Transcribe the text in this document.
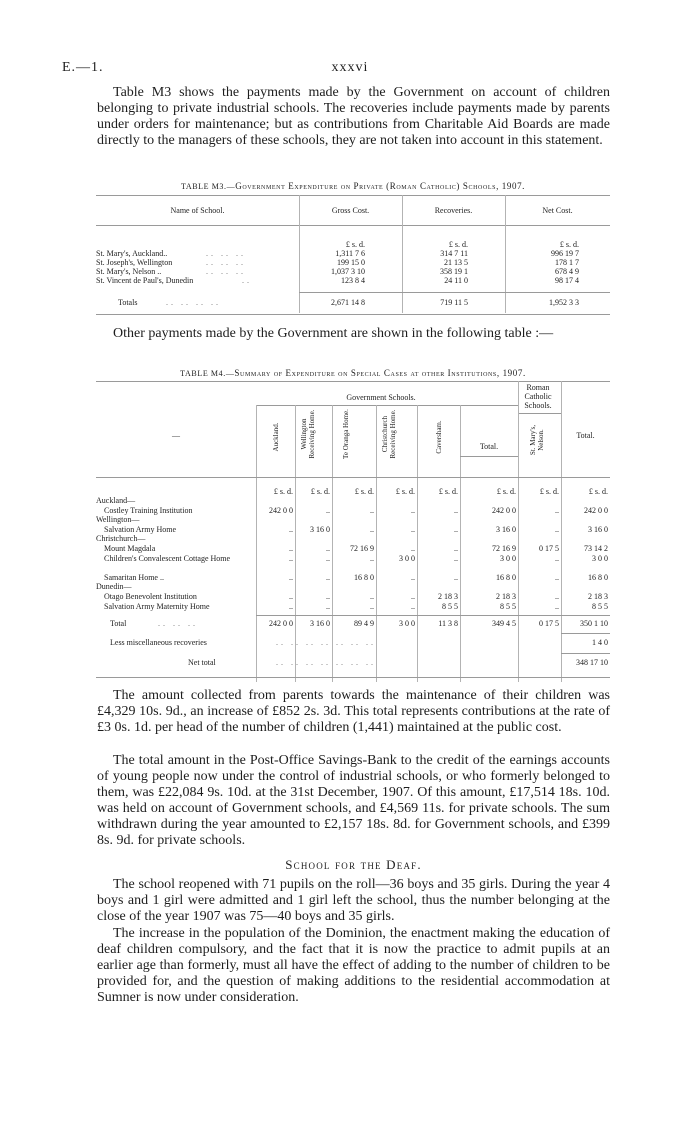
E.—1.	xxxvi
Table M3 shows the payments made by the Government on account of children belonging to private industrial schools. The recoveries include payments made by parents under orders for maintenance; but as contributions from Charitable Aid Boards are made directly to the managers of these schools, they are not taken into account in this statement.
TABLE M3.—Government Expenditure on Private (Roman Catholic) Schools, 1907.
Name of School.	Gross Cost.	Recoveries.	Net Cost.
£ s. d.	£ s. d.	£ s. d.
St. Mary's, Auckland..	.. .. ..	1,311 7 6	314 7 11	996 19 7
St. Joseph's, Wellington	.. .. ..	199 15 0	21 13 5	178 1 7
St. Mary's, Nelson ..	.. .. ..	1,037 3 10	358 19 1	678 4 9
St. Vincent de Paul's, Dunedin	..	123 8 4	24 11 0	98 17 4
Totals	.. .. .. ..	2,671 14 8	719 11 5	1,952 3 3
Other payments made by the Government are shown in the following table :—
TABLE M4.—Summary of Expenditure on Special Cases at other Institutions, 1907.
Government Schools.
Roman Catholic Schools.
Auckland.	Wellington Receiving Home.	Te Oranga Home.	Christchurch Receiving Home.	Caversham.	Total.	St. Mary's, Nelson.	Total.
—
£ s. d.	£ s. d.	£ s. d.	£ s. d.	£ s. d.	£ s. d.	£ s. d.	£ s. d.
Auckland—
Costley Training Institution	242 0 0	..	..	..	..	242 0 0	..	242 0 0
Wellington—
Salvation Army Home	..	3 16 0	..	..	..	3 16 0	..	3 16 0
Christchurch—
Mount Magdala	..	..	72 16 9	..	..	72 16 9	0 17 5	73 14 2
Children's Convalescent Cottage Home	..	..	..	3 0 0	..	3 0 0	..	3 0 0
Samaritan Home ..	..	..	16 8 0	..	..	16 8 0	..	16 8 0
Dunedin—
Otago Benevolent Institution	..	..	..	..	2 18 3	2 18 3	..	2 18 3
Salvation Army Maternity Home	..	..	..	..	8 5 5	8 5 5	..	8 5 5
Total	.. .. ..	242 0 0	3 16 0	89 4 9	3 0 0	11 3 8	349 4 5	0 17 5	350 1 10
Less miscellaneous recoveries	.. .. .. .. .. .. ..	1 4 0
Net total	.. .. .. .. .. .. ..	348 17 10
The amount collected from parents towards the maintenance of their children was £4,329 10s. 9d., an increase of £852 2s. 3d. This total represents contributions at the rate of £3 0s. 1d. per head of the number of children (1,441) maintained at the public cost.
The total amount in the Post-Office Savings-Bank to the credit of the earnings accounts of young people now under the control of industrial schools, or who formerly belonged to them, was £22,084 9s. 10d. at the 31st December, 1907. Of this amount, £17,514 18s. 10d. was held on account of Government schools, and £4,569 11s. for private schools. The sum withdrawn during the year amounted to £2,157 18s. 8d. for Government schools, and £399 8s. 9d. for private schools.
School for the Deaf.
The school reopened with 71 pupils on the roll—36 boys and 35 girls. During the year 4 boys and 1 girl were admitted and 1 girl left the school, thus the number belonging at the close of the year 1907 was 75—40 boys and 35 girls.
The increase in the population of the Dominion, the enactment making the education of deaf children compulsory, and the fact that it is now the practice to admit pupils at an earlier age than formerly, must all have the effect of adding to the number of children to be provided for, and the question of making additions to the residential accommodation at Sumner is now under consideration.
